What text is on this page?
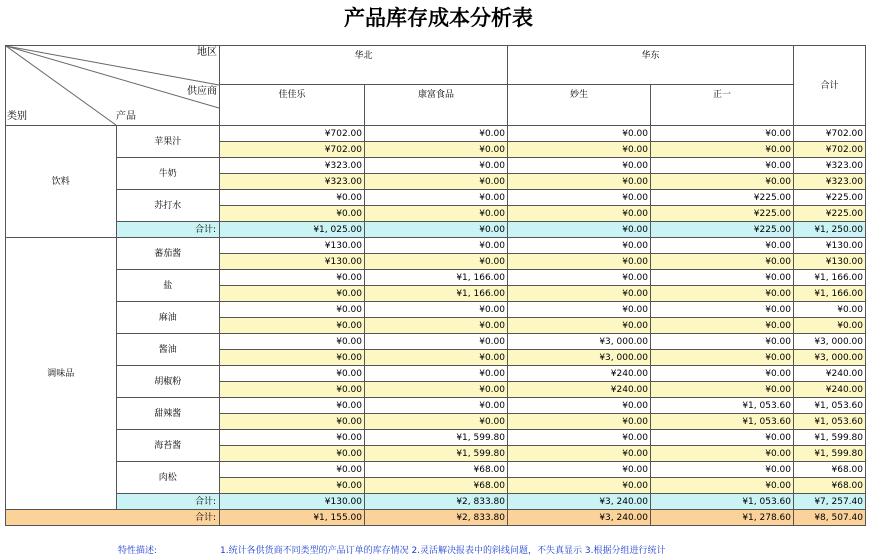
产品库存成本分析表
地区
供应商
类别 产品		华北		华东		合计
		佳佳乐	康富食品	妙生	正一	
饮料	苹果汁	¥702.00	¥0.00	¥0.00	¥0.00	¥702.00
		¥702.00	¥0.00	¥0.00	¥0.00	¥702.00
	牛奶	¥323.00	¥0.00	¥0.00	¥0.00	¥323.00
		¥323.00	¥0.00	¥0.00	¥0.00	¥323.00
	苏打水	¥0.00	¥0.00	¥0.00	¥225.00	¥225.00
		¥0.00	¥0.00	¥0.00	¥225.00	¥225.00
	合计:	¥1, 025.00	¥0.00	¥0.00	¥225.00	¥1, 250.00
调味品	蕃茄酱	¥130.00	¥0.00	¥0.00	¥0.00	¥130.00
		¥130.00	¥0.00	¥0.00	¥0.00	¥130.00
	盐	¥0.00	¥1, 166.00	¥0.00	¥0.00	¥1, 166.00
		¥0.00	¥1, 166.00	¥0.00	¥0.00	¥1, 166.00
	麻油	¥0.00	¥0.00	¥0.00	¥0.00	¥0.00
		¥0.00	¥0.00	¥0.00	¥0.00	¥0.00
	酱油	¥0.00	¥0.00	¥3, 000.00	¥0.00	¥3, 000.00
		¥0.00	¥0.00	¥3, 000.00	¥0.00	¥3, 000.00
	胡椒粉	¥0.00	¥0.00	¥240.00	¥0.00	¥240.00
		¥0.00	¥0.00	¥240.00	¥0.00	¥240.00
	甜辣酱	¥0.00	¥0.00	¥0.00	¥1, 053.60	¥1, 053.60
		¥0.00	¥0.00	¥0.00	¥1, 053.60	¥1, 053.60
	海苔酱	¥0.00	¥1, 599.80	¥0.00	¥0.00	¥1, 599.80
		¥0.00	¥1, 599.80	¥0.00	¥0.00	¥1, 599.80
	肉松	¥0.00	¥68.00	¥0.00	¥0.00	¥68.00
		¥0.00	¥68.00	¥0.00	¥0.00	¥68.00
	合计:	¥130.00	¥2, 833.80	¥3, 240.00	¥1, 053.60	¥7, 257.40
合计:		¥1, 155.00	¥2, 833.80	¥3, 240.00	¥1, 278.60	¥8, 507.40
特性描述:	1.统计各供货商不同类型的产品订单的库存情况 2.灵活解决报表中的斜线问题，不失真显示 3.根据分组进行统计
